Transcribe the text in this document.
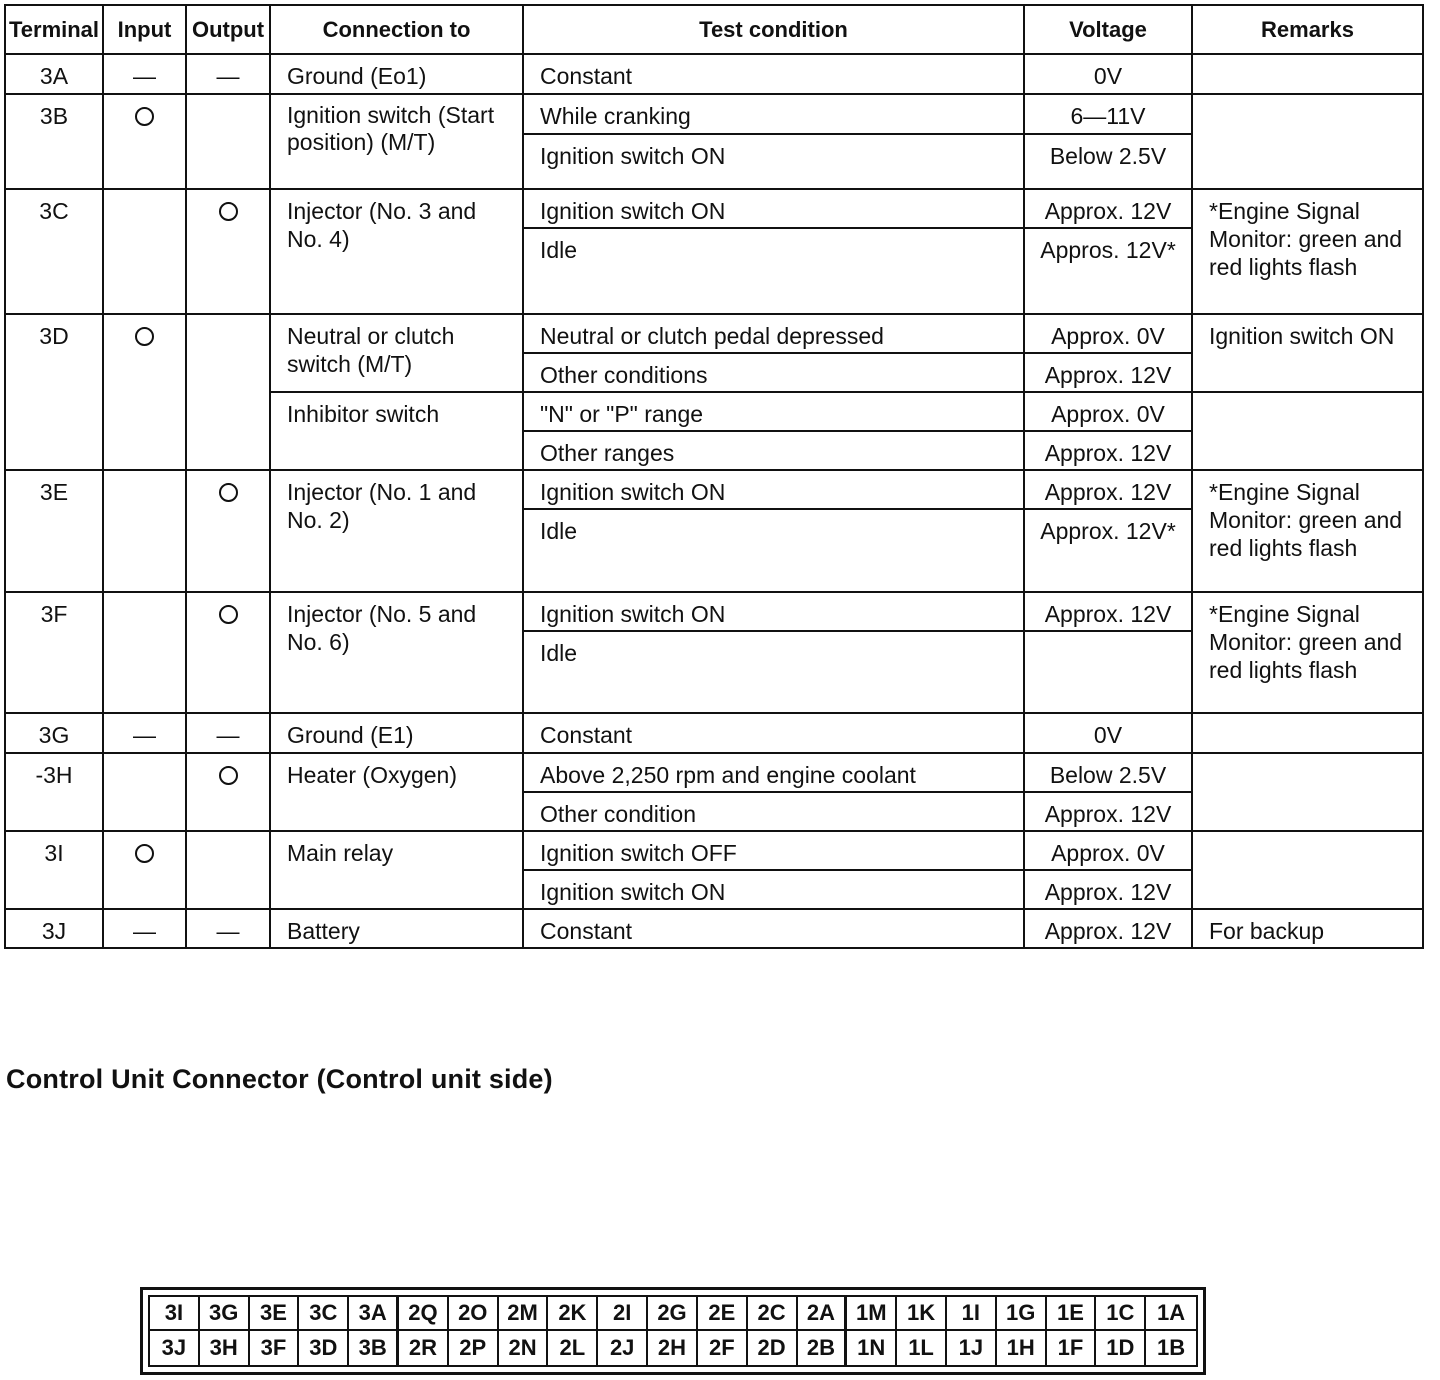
Terminal	Input	Output	Connection to	Test condition	Voltage	Remarks
3A	—	—	Ground (Eo1)	Constant	0V	
3B			Ignition switch (Start position) (M/T)	While cranking	6—11V	
				Ignition switch ON	Below 2.5V	
3C			Injector (No. 3 and No. 4)	Ignition switch ON	Approx. 12V	*Engine Signal Monitor: green and red lights flash
				Idle	Appros. 12V*	
3D			Neutral or clutch switch (M/T)	Neutral or clutch pedal depressed	Approx. 0V	Ignition switch ON
				Other conditions	Approx. 12V	
			Inhibitor switch	"N" or "P" range	Approx. 0V	
				Other ranges	Approx. 12V	
3E			Injector (No. 1 and No. 2)	Ignition switch ON	Approx. 12V	*Engine Signal Monitor: green and red lights flash
				Idle	Approx. 12V*	
3F			Injector (No. 5 and No. 6)	Ignition switch ON	Approx. 12V	*Engine Signal Monitor: green and red lights flash
				Idle		
3G	—	—	Ground (E1)	Constant	0V	
-3H			Heater (Oxygen)	Above 2,250 rpm and engine coolant	Below 2.5V	
				Other condition	Approx. 12V	
3I			Main relay	Ignition switch OFF	Approx. 0V	
				Ignition switch ON	Approx. 12V	
3J	—	—	Battery	Constant	Approx. 12V	For backup
Control Unit Connector (Control unit side)
3I	3G 3E	3C 3A 2Q 2O 2M 2K	2I	2G 2E	2C 2A 1M 1K	1I	1G 1E	1C	1A
3J	3H	3F	3D 3B	2R	2P	2N	2L	2J	2H	2F	2D 2B	1N	1L	1J	1H	1F	1D	1B
